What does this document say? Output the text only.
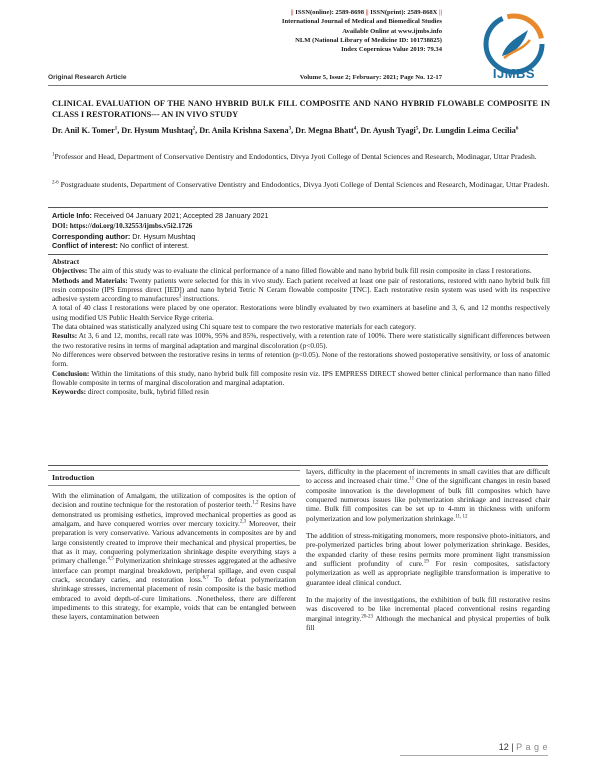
|| ISSN(online): 2589-8698 || ISSN(print): 2589-868X ||
International Journal of Medical and Biomedical Studies
Available Online at www.ijmbs.info
NLM (National Library of Medicine ID: 101738825)
Index Copernicus Value 2019: 79.34
IJMBS
Original Research Article	Volume 5, Issue 2; February: 2021; Page No. 12-17
CLINICAL EVALUATION OF THE NANO HYBRID BULK FILL COMPOSITE AND NANO HYBRID FLOWABLE COMPOSITE IN CLASS I RESTORATIONS--- AN IN VIVO STUDY
Dr. Anil K. Tomer$^1$, Dr. Hysum Mushtaq$^2$, Dr. Anila Krishna Saxena$^3$, Dr. Megna Bhatt$^4$, Dr. Ayush Tyagi$^5$, Dr. Lungdin Leima Cecilia$^6$
$^1$Professor and Head, Department of Conservative Dentistry and Endodontics, Divya Jyoti College of Dental Sciences and Research, Modinagar, Uttar Pradesh.
$^{2-6}$ Postgraduate students, Department of Conservative Dentistry and Endodontics, Divya Jyoti College of Dental Sciences and Research, Modinagar, Uttar Pradesh.
Article Info: Received 04 January 2021; Accepted 28 January 2021
DOI: https://doi.org/10.32553/ijmbs.v5i2.1726
Corresponding author: Dr. Hysum Mushtaq
Conflict of interest: No conflict of interest.

Abstract

Objectives: The aim of this study was to evaluate the clinical performance of a nano filled flowable and nano hybrid bulk fill resin composite in class I restorations.

Methods and Materials: Twenty patients were selected for this in vivo study. Each patient received at least one pair of restorations, restored with nano hybrid bulk fill resin composite (IPS Empress direct [IED]) and nano hybrid Tetric N Ceram flowable composite [TNC]. Each restorative resin system was used with its respective adhesive system according to manufactures$^3$ instructions.

A total of 40 class I restorations were placed by one operator. Restorations were blindly evaluated by two examiners at baseline and 3, 6, and 12 months respectively using modified US Public Health Service Ryge criteria.

The data obtained was statistically analyzed using Chi square test to compare the two restorative materials for each category.

Results: At 3, 6 and 12, months, recall rate was 100%, 95% and 85%, respectively, with a retention rate of 100%. There were statistically significant differences between the two restorative resins in terms of marginal adaptation and marginal discoloration (p<0.05).

No differences were observed between the restorative resins in terms of retention (p<0.05). None of the restorations showed postoperative sensitivity, or loss of anatomic form.

Conclusion: Within the limitations of this study, nano hybrid bulk fill composite resin viz. IPS EMPRESS DIRECT showed better clinical performance than nano filled flowable composite in terms of marginal discoloration and marginal adaptation.

Keywords: direct composite, bulk, hybrid filled resin

Introduction

With the elimination of Amalgam, the utilization of composites is the option of decision and routine technique for the restoration of posterior teeth.$^{1,2}$ Resins have demonstrated us promising esthetics, improved mechanical properties as good as amalgam, and have conquered worries over mercury toxicity.$^{2,3}$ Moreover, their preparation is very conservative. Various advancements in composites are by and large consistently created to improve their mechanical and physical properties, be that as it may, conquering polymerization shrinkage despite everything stays a primary challenge.$^{4,5}$ Polymerization shrinkage stresses aggregated at the adhesive interface can prompt marginal breakdown, peripheral spillage, and even cuspal crack, secondary caries, and restoration loss.$^{6,7}$ To defeat polymerization shrinkage stresses, incremental placement of resin composite is the basic method embraced to avoid depth-of-cure limitations. .Nonetheless, there are different impediments to this strategy, for example, voids that can be entangled between these layers, contamination between

layers, difficulty in the placement of increments in small cavities that are difficult to access and increased chair time.$^{11}$ One of the significant changes in resin based composite innovation is the development of bulk fill composites which have conquered numerous issues like polymerization shrinkage and increased chair time. Bulk fill composites can be set up to 4-mm in thickness with uniform polymerization and low polymerization shrinkage.$^{11, 12}$

The addition of stress-mitigating monomers, more responsive photo-initiators, and pre-polymerized particles bring about lower polymerization shrinkage. Besides, the expanded clarity of these resins permits more prominent light transmission and sufficient profundity of cure.$^{19}$ For resin composites, satisfactory polymerization as well as appropriate negligible transformation is imperative to guarantee ideal clinical conduct.

In the majority of the investigations, the exhibition of bulk fill restorative resins was discovered to be like incremental placed conventional resins regarding marginal integrity.$^{20-23}$ Although the mechanical and physical properties of bulk fill

12 | P a g e
